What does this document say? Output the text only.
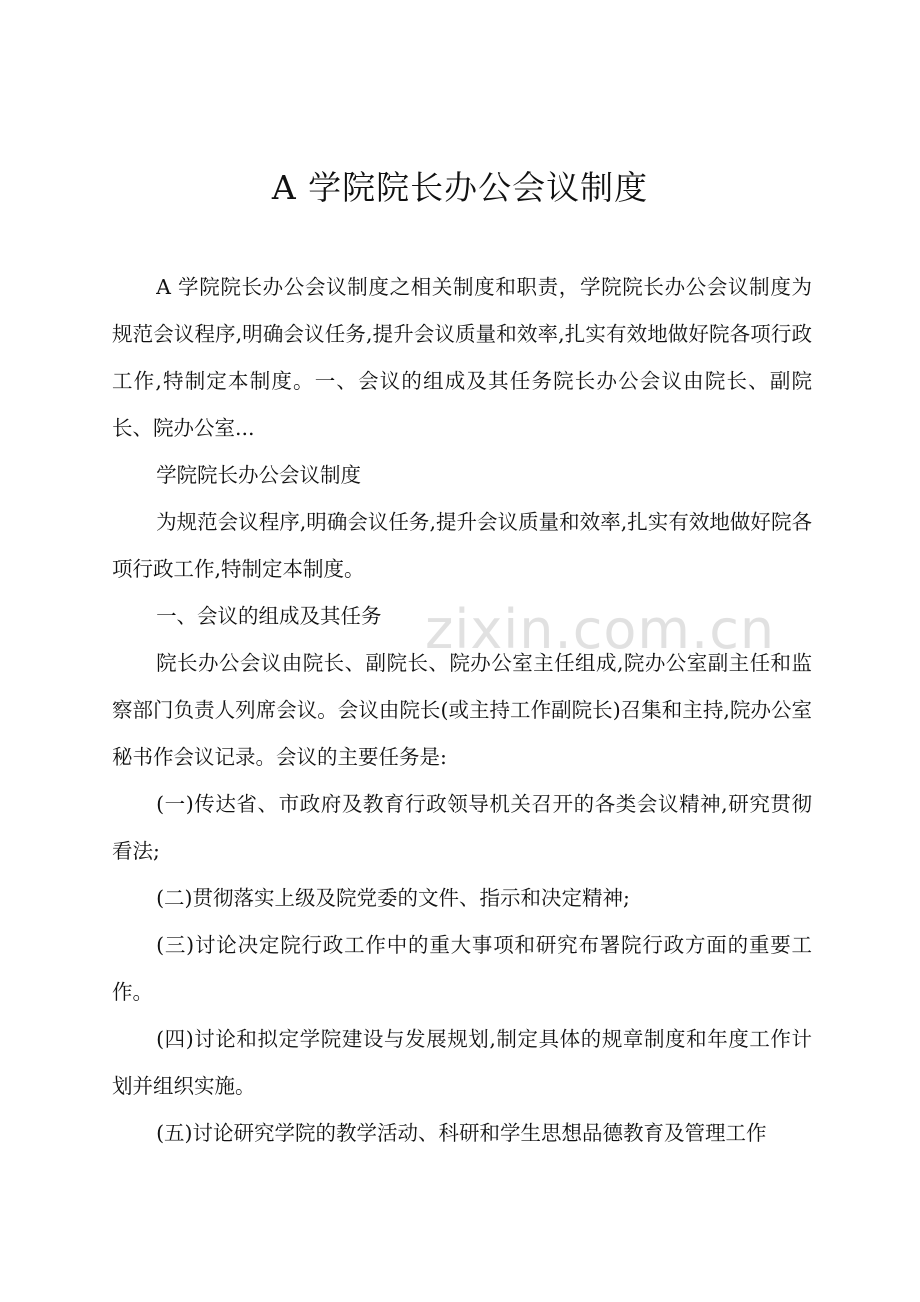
A 学院院长办公会议制度

A 学院院长办公会议制度之相关制度和职责，学院院长办公会议制度为规范会议程序,明确会议任务,提升会议质量和效率,扎实有效地做好院各项行政工作,特制定本制度。一、会议的组成及其任务院长办公会议由院长、副院长、院办公室...

学院院长办公会议制度

为规范会议程序,明确会议任务,提升会议质量和效率,扎实有效地做好院各项行政工作,特制定本制度。

一、会议的组成及其任务

院长办公会议由院长、副院长、院办公室主任组成,院办公室副主任和监察部门负责人列席会议。会议由院长(或主持工作副院长)召集和主持,院办公室秘书作会议记录。会议的主要任务是:

(一)传达省、市政府及教育行政领导机关召开的各类会议精神,研究贯彻看法;

(二)贯彻落实上级及院党委的文件、指示和决定精神;

(三)讨论决定院行政工作中的重大事项和研究布署院行政方面的重要工作。

(四)讨论和拟定学院建设与发展规划,制定具体的规章制度和年度工作计划并组织实施。

(五)讨论研究学院的教学活动、科研和学生思想品德教育及管理工作

zixin.com.cn
